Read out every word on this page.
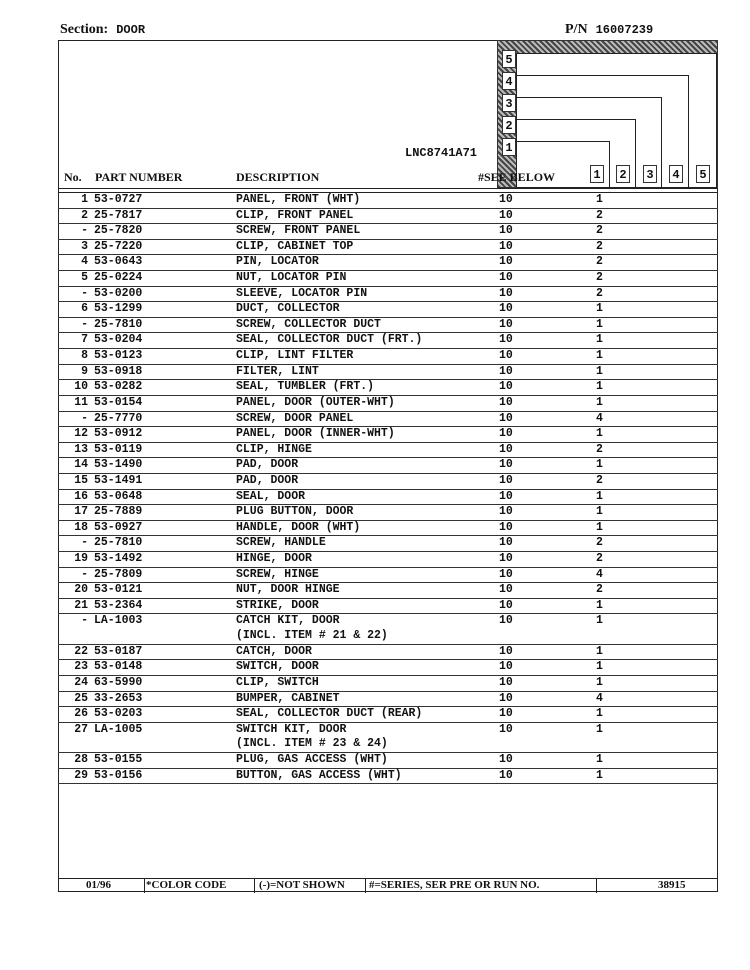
Section: DOOR	P/N 16007239
5
4
3
2
1
1 2 3 4 5
LNC8741A71
No. PART NUMBER	DESCRIPTION	#SEE BELOW
1 53-0727	PANEL, FRONT (WHT)	10	1
2 25-7817	CLIP, FRONT PANEL	10	2
- 25-7820	SCREW, FRONT PANEL	10	2
3 25-7220	CLIP, CABINET TOP	10	2
4 53-0643	PIN, LOCATOR	10	2
5 25-0224	NUT, LOCATOR PIN	10	2
- 53-0200	SLEEVE, LOCATOR PIN	10	2
6 53-1299	DUCT, COLLECTOR	10	1
- 25-7810	SCREW, COLLECTOR DUCT	10	1
7 53-0204	SEAL, COLLECTOR DUCT (FRT.)	10	1
8 53-0123	CLIP, LINT FILTER	10	1
9 53-0918	FILTER, LINT	10	1
10 53-0282	SEAL, TUMBLER (FRT.)	10	1
11 53-0154	PANEL, DOOR (OUTER-WHT)	10	1
- 25-7770	SCREW, DOOR PANEL	10	4
12 53-0912	PANEL, DOOR (INNER-WHT)	10	1
13 53-0119	CLIP, HINGE	10	2
14 53-1490	PAD, DOOR	10	1
15 53-1491	PAD, DOOR	10	2
16 53-0648	SEAL, DOOR	10	1
17 25-7889	PLUG BUTTON, DOOR	10	1
18 53-0927	HANDLE, DOOR (WHT)	10	1
- 25-7810	SCREW, HANDLE	10	2
19 53-1492	HINGE, DOOR	10	2
- 25-7809	SCREW, HINGE	10	4
20 53-0121	NUT, DOOR HINGE	10	2
21 53-2364	STRIKE, DOOR	10	1
- LA-1003	CATCH KIT, DOOR	10	1
(INCL. ITEM # 21 & 22)
22 53-0187	CATCH, DOOR	10	1
23 53-0148	SWITCH, DOOR	10	1
24 63-5990	CLIP, SWITCH	10	1
25 33-2653	BUMPER, CABINET	10	4
26 53-0203	SEAL, COLLECTOR DUCT (REAR)	10	1
27 LA-1005	SWITCH KIT, DOOR	10	1
(INCL. ITEM # 23 & 24)
28 53-0155	PLUG, GAS ACCESS (WHT)	10	1
29 53-0156	BUTTON, GAS ACCESS (WHT)	10	1
01/96	*COLOR CODE	(-)=NOT SHOWN #=SERIES, SER PRE OR RUN NO.	38915
